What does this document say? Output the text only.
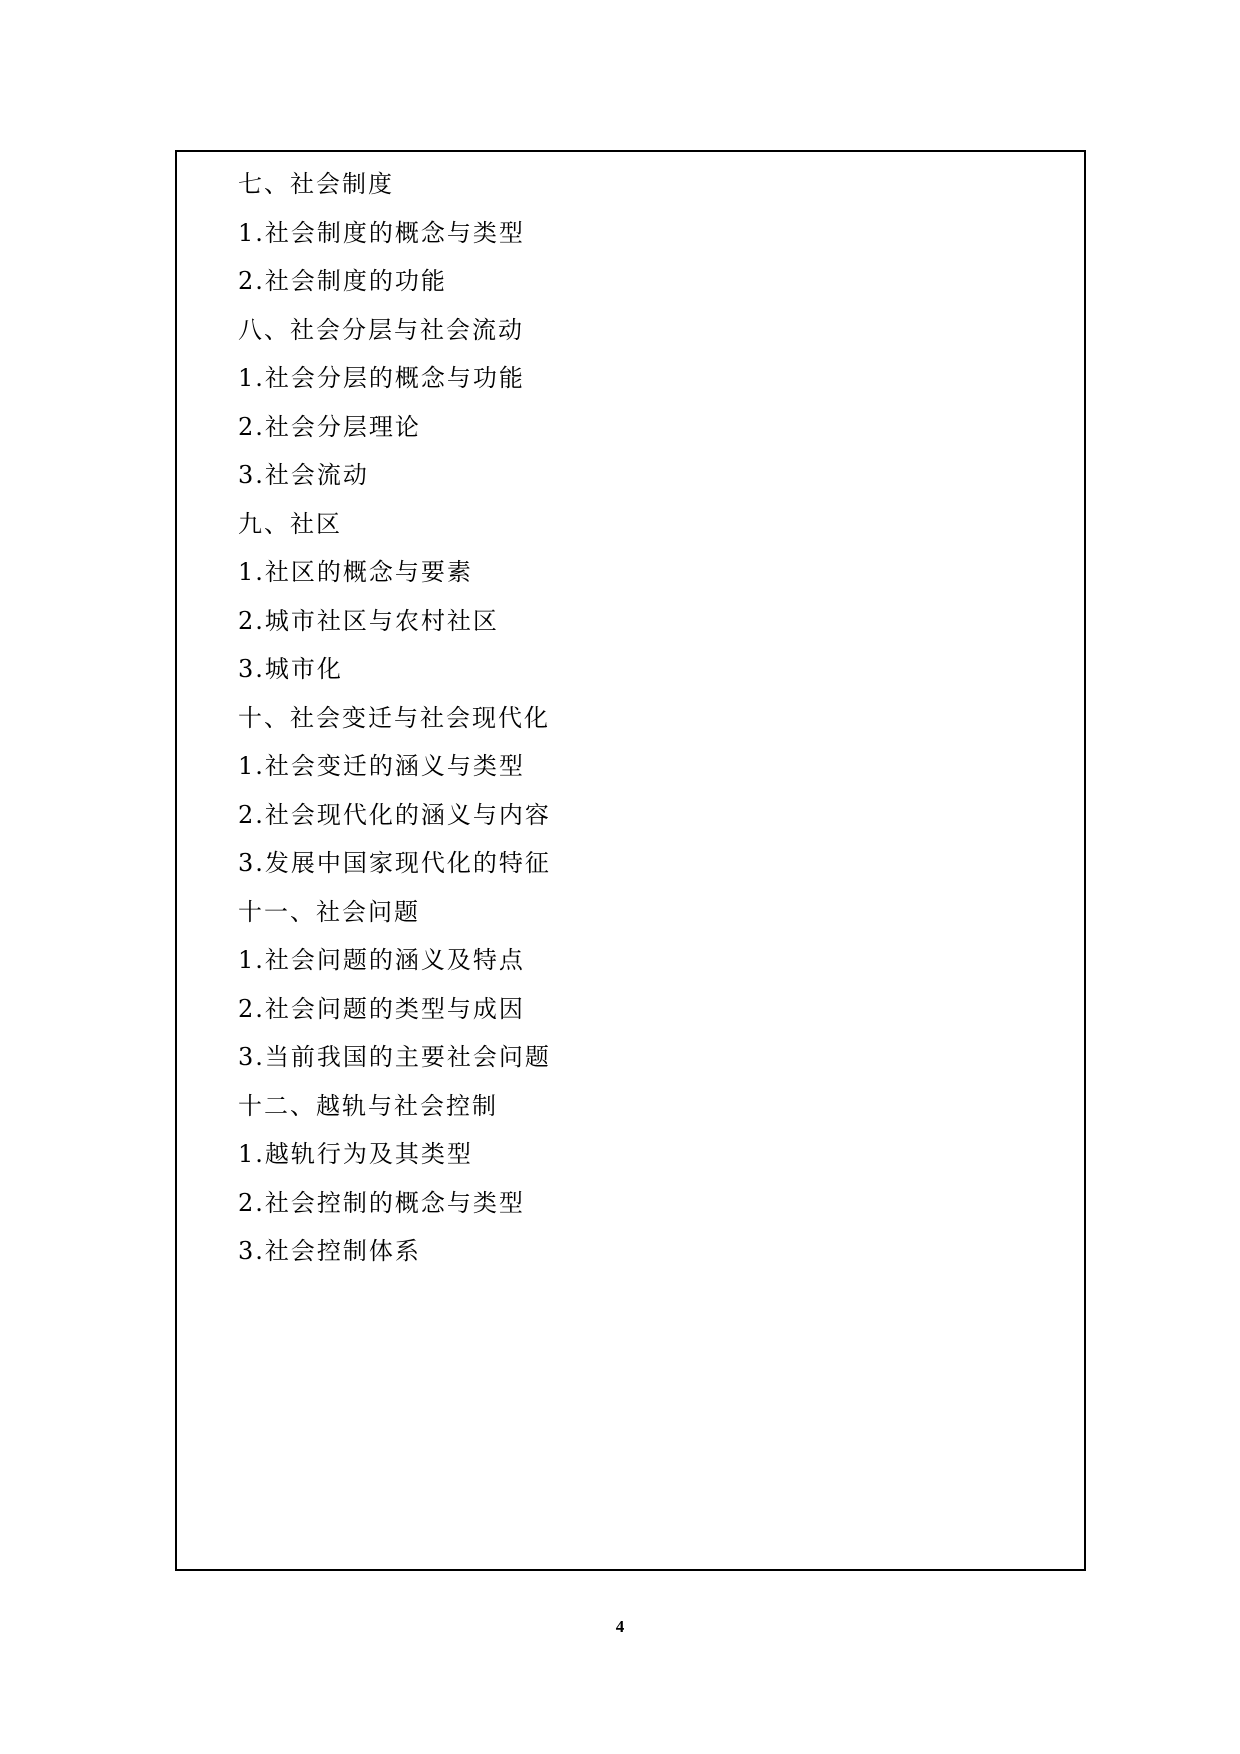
七、社会制度
1.社会制度的概念与类型
2.社会制度的功能
八、社会分层与社会流动
1.社会分层的概念与功能
2.社会分层理论
3.社会流动
九、社区
1.社区的概念与要素
2.城市社区与农村社区
3.城市化
十、社会变迁与社会现代化
1.社会变迁的涵义与类型
2.社会现代化的涵义与内容
3.发展中国家现代化的特征
十一、社会问题
1.社会问题的涵义及特点
2.社会问题的类型与成因
3.当前我国的主要社会问题
十二、越轨与社会控制
1.越轨行为及其类型
2.社会控制的概念与类型
3.社会控制体系
4
